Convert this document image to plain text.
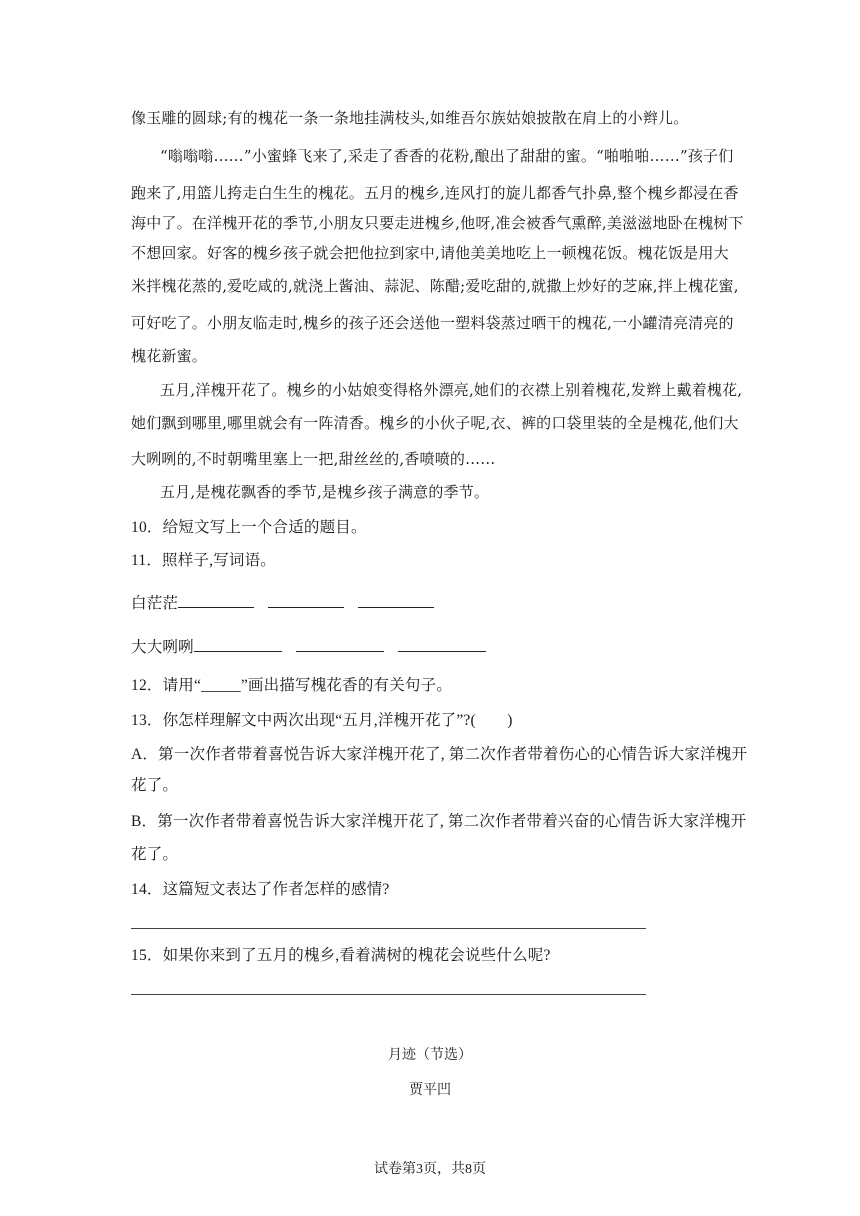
像玉雕的圆球;有的槐花一条一条地挂满枝头,如维吾尔族姑娘披散在肩上的小辫儿。
“嗡嗡嗡……”小蜜蜂飞来了,采走了香香的花粉,酿出了甜甜的蜜。“啪啪啪……”孩子们
跑来了,用篮儿挎走白生生的槐花。五月的槐乡,连风打的旋儿都香气扑鼻,整个槐乡都浸在香
海中了。在洋槐开花的季节,小朋友只要走进槐乡,他呀,准会被香气熏醉,美滋滋地卧在槐树下
不想回家。好客的槐乡孩子就会把他拉到家中,请他美美地吃上一顿槐花饭。槐花饭是用大
米拌槐花蒸的,爱吃咸的,就浇上酱油、蒜泥、陈醋;爱吃甜的,就撒上炒好的芝麻,拌上槐花蜜,
可好吃了。小朋友临走时,槐乡的孩子还会送他一塑料袋蒸过晒干的槐花,一小罐清亮清亮的
槐花新蜜。
五月,洋槐开花了。槐乡的小姑娘变得格外漂亮,她们的衣襟上别着槐花,发辫上戴着槐花,
她们飘到哪里,哪里就会有一阵清香。槐乡的小伙子呢,衣、裤的口袋里装的全是槐花,他们大
大咧咧的,不时朝嘴里塞上一把,甜丝丝的,香喷喷的……
五月,是槐花飘香的季节,是槐乡孩子满意的季节。
10．给短文写上一个合适的题目。
11．照样子,写词语。
白茫茫
大大咧咧
12．请用“_____”画出描写槐花香的有关句子。
13．你怎样理解文中两次出现“五月,洋槐开花了”?(　　)
A．第一次作者带着喜悦告诉大家洋槐开花了, 第二次作者带着伤心的心情告诉大家洋槐开
花了。
B．第一次作者带着喜悦告诉大家洋槐开花了, 第二次作者带着兴奋的心情告诉大家洋槐开
花了。
14．这篇短文表达了作者怎样的感情?
15．如果你来到了五月的槐乡,看着满树的槐花会说些什么呢?
月迹（节选）
贾平凹
试卷第3页，共8页
